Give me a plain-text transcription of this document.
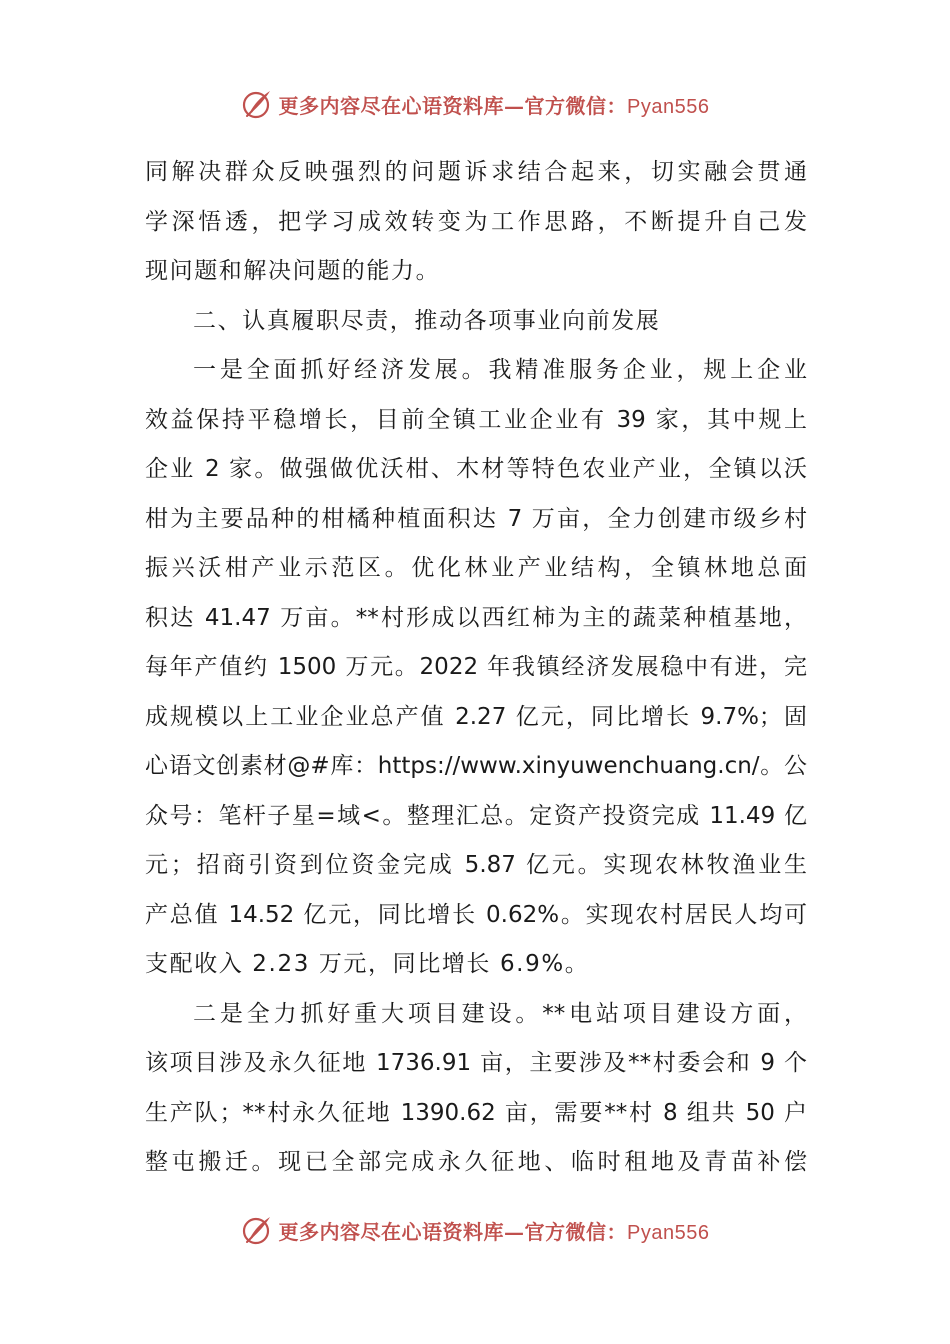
更多内容尽在心语资料库—官方微信：Pyan556
同解决群众反映强烈的问题诉求结合起来，切实融会贯通
学深悟透，把学习成效转变为工作思路，不断提升自己发
现问题和解决问题的能力。
二、认真履职尽责，推动各项事业向前发展
一是全面抓好经济发展。我精准服务企业，规上企业
效益保持平稳增长，目前全镇工业企业有 39 家，其中规上
企业 2 家。做强做优沃柑、木材等特色农业产业，全镇以沃
柑为主要品种的柑橘种植面积达 7 万亩，全力创建市级乡村
振兴沃柑产业示范区。优化林业产业结构，全镇林地总面
积达 41.47 万亩。**村形成以西红柿为主的蔬菜种植基地，
每年产值约 1500 万元。2022 年我镇经济发展稳中有进，完
成规模以上工业企业总产值 2.27 亿元，同比增长 9.7%；固
心语文创素材@#库：https://www.xinyuwenchuang.cn/。公
众号：笔杆子星=域<。整理汇总。定资产投资完成 11.49 亿
元；招商引资到位资金完成 5.87 亿元。实现农林牧渔业生
产总值 14.52 亿元，同比增长 0.62%。实现农村居民人均可
支配收入 2.23 万元，同比增长 6.9%。
二是全力抓好重大项目建设。**电站项目建设方面，
该项目涉及永久征地 1736.91 亩，主要涉及**村委会和 9 个
生产队；**村永久征地 1390.62 亩，需要**村 8 组共 50 户
整屯搬迁。现已全部完成永久征地、临时租地及青苗补偿
更多内容尽在心语资料库—官方微信：Pyan556
